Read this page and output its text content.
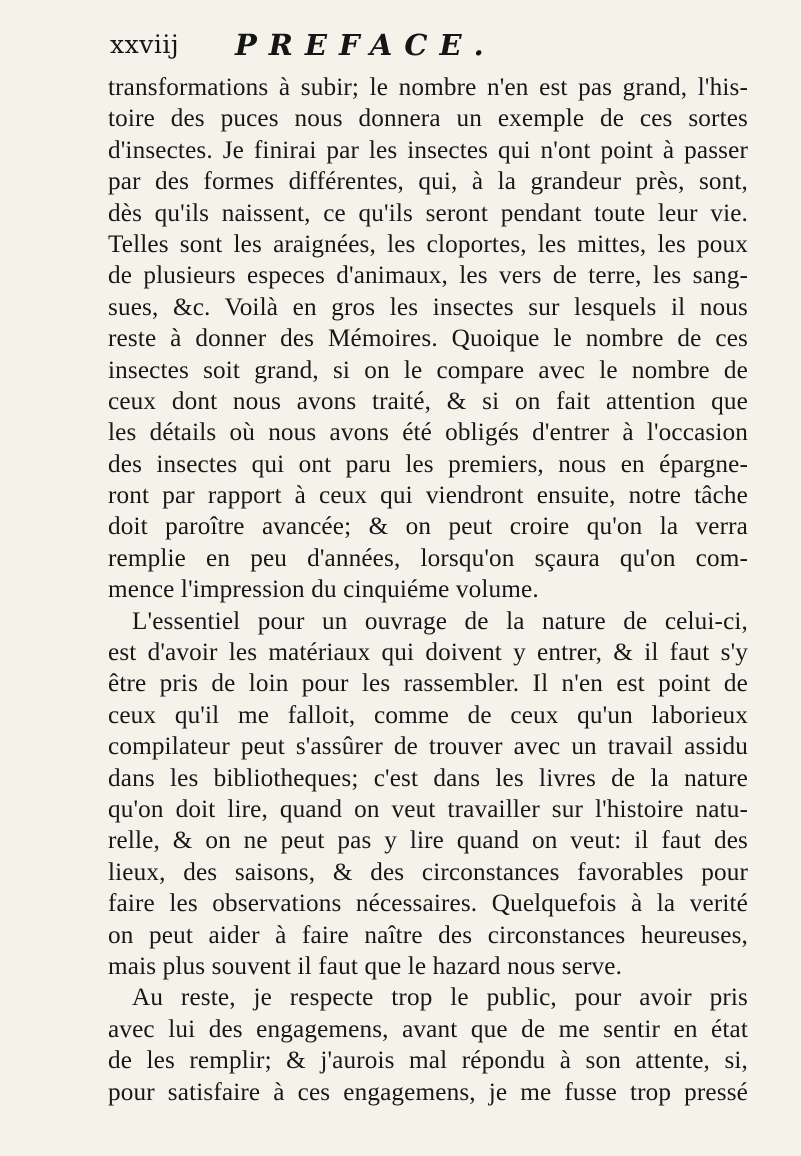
xxviij PREFACE.
transformations à subir; le nombre n'en est pas grand, l'his-
toire des puces nous donnera un exemple de ces sortes
d'insectes. Je finirai par les insectes qui n'ont point à passer
par des formes différentes, qui, à la grandeur près, sont,
dès qu'ils naissent, ce qu'ils seront pendant toute leur vie.
Telles sont les araignées, les cloportes, les mittes, les poux
de plusieurs especes d'animaux, les vers de terre, les sang-
sues, &c. Voilà en gros les insectes sur lesquels il nous
reste à donner des Mémoires. Quoique le nombre de ces
insectes soit grand, si on le compare avec le nombre de
ceux dont nous avons traité, & si on fait attention que
les détails où nous avons été obligés d'entrer à l'occasion
des insectes qui ont paru les premiers, nous en épargne-
ront par rapport à ceux qui viendront ensuite, notre tâche
doit paroître avancée; & on peut croire qu'on la verra
remplie en peu d'années, lorsqu'on sçaura qu'on com-
mence l'impression du cinquiéme volume.
L'essentiel pour un ouvrage de la nature de celui-ci,
est d'avoir les matériaux qui doivent y entrer, & il faut s'y
être pris de loin pour les rassembler. Il n'en est point de
ceux qu'il me falloit, comme de ceux qu'un laborieux
compilateur peut s'assûrer de trouver avec un travail assidu
dans les bibliotheques; c'est dans les livres de la nature
qu'on doit lire, quand on veut travailler sur l'histoire natu-
relle, & on ne peut pas y lire quand on veut: il faut des
lieux, des saisons, & des circonstances favorables pour
faire les observations nécessaires. Quelquefois à la verité
on peut aider à faire naître des circonstances heureuses,
mais plus souvent il faut que le hazard nous serve.
Au reste, je respecte trop le public, pour avoir pris
avec lui des engagemens, avant que de me sentir en état
de les remplir; & j'aurois mal répondu à son attente, si,
pour satisfaire à ces engagemens, je me fusse trop pressé
